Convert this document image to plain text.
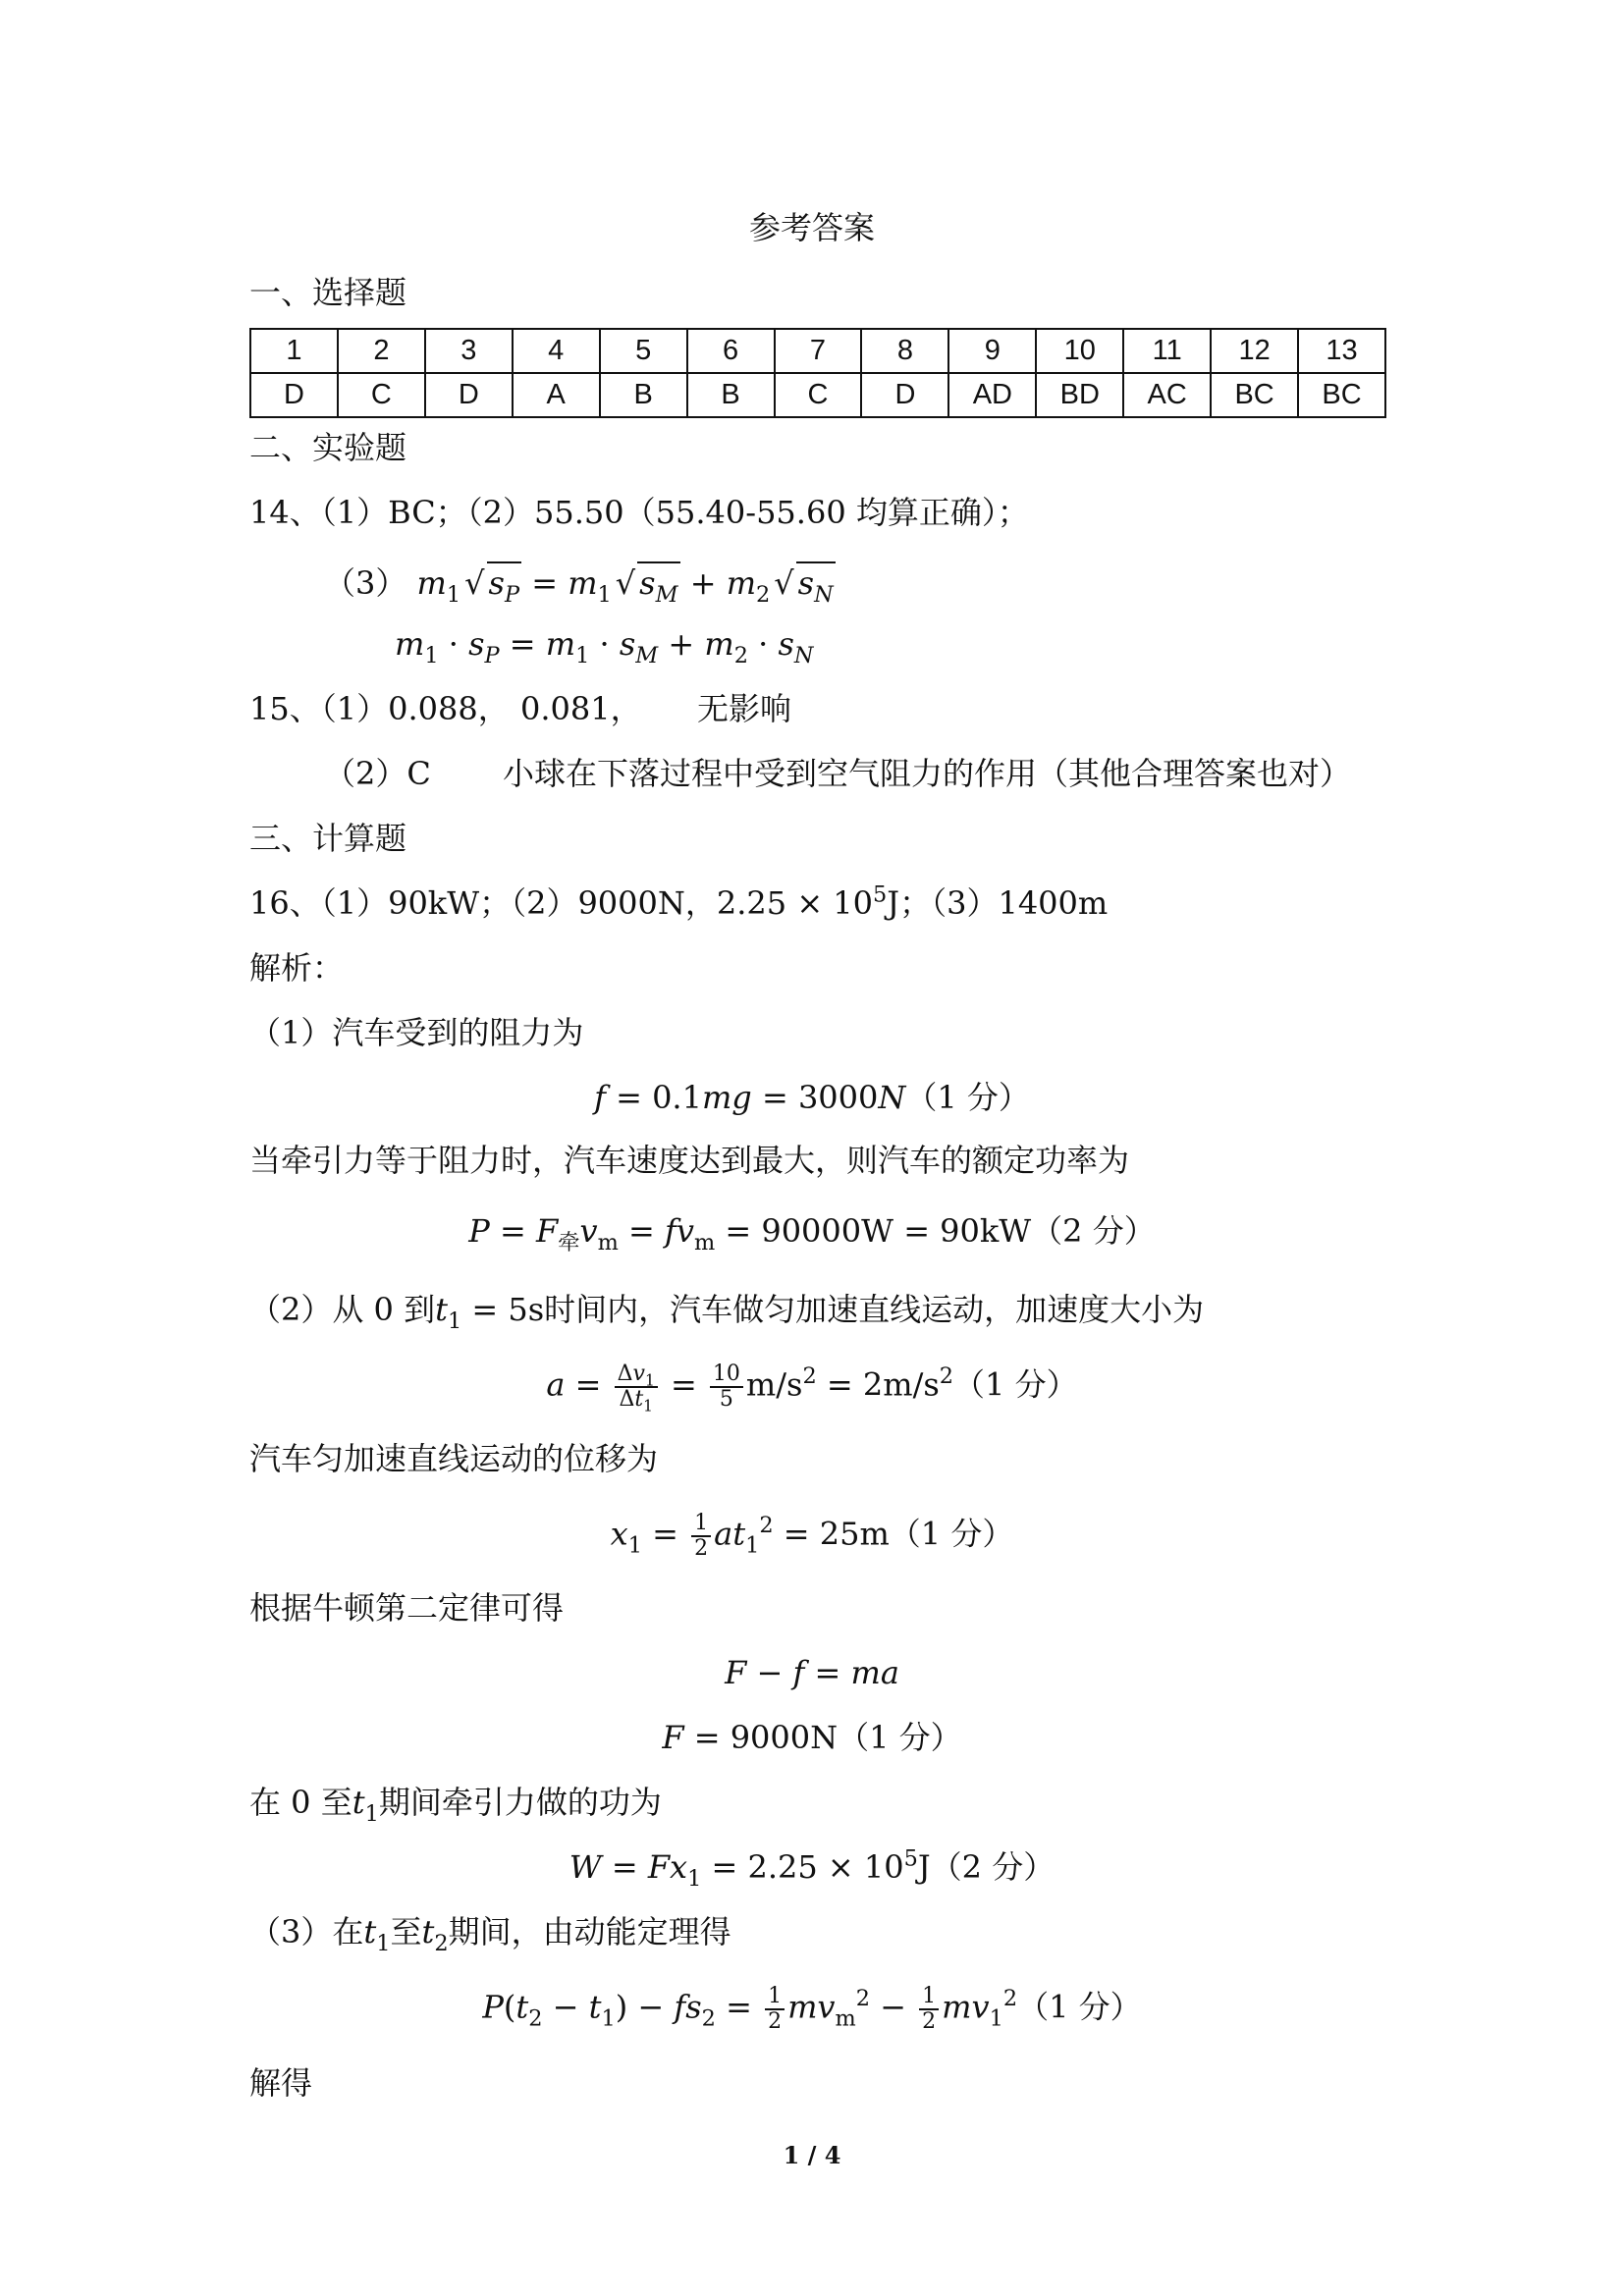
参考答案
一、选择题
1	2	3	4	5	6	7	8	9	10	11	12	13
D	C	D	A	B	B	C	D	AD	BD	AC	BC	BC
二、实验题
14、（1）BC；（2）55.50（55.40-55.60 均算正确）；
（3） $m_1$ √ $s_P = m_1$ √ $s_M + m_2$ √ $s_N$
$m_1 \cdot s_P = m_1 \cdot s_M + m_2 \cdot s_N$
15、（1）0.088， 0.081， 无影响
（2）C 小球在下落过程中受到空气阻力的作用（其他合理答案也对）
三、计算题
16、（1）90kW；（2）9000N，$2.25 \times 10^5J$；（3）1400m
解析：
（1）汽车受到的阻力为
f = 0.1mg = 3000N（1 分）
当牵引力等于阻力时，汽车速度达到最大，则汽车的额定功率为
$P = F_牵v_m = fv_m = 90000W = 90kW(2$ 分）
（2）从 0 到$t_1 = 5s$时间内，汽车做匀加速直线运动，加速度大小为
$a = \frac{\Delta v_1}{\Delta t_1} = \frac{10}{5} m/s^2 = 2m/s^2(1$ 分）
汽车匀加速直线运动的位移为
$x_1 = \frac{1}{2} at_1^2 = 25m(1$ 分）
根据牛顿第二定律可得
F − f = ma
F = 9000N（1 分）
在 0 至$t_1$期间牵引力做的功为
$W = Fx_1 = 2.25 \times 10^5J(2$ 分）
（3）在$t_1$至$t_2$期间，由动能定理得
$P(t_2 - t_1) - fs_2 = \frac{1}{2} mv_m^2 - \frac{1}{2} mv_1^2(1$ 分）
解得
1 / 4
